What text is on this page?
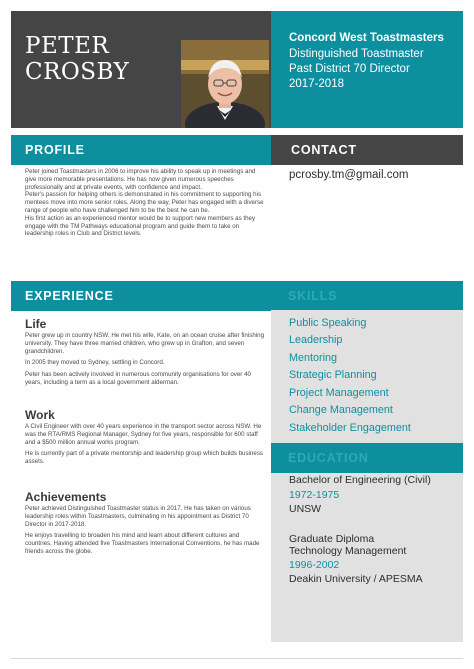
PETER
CROSBY
Concord West Toastmasters
Distinguished Toastmaster
Past District 70 Director
2017-2018
PROFILE	CONTACT
Peter joined Toastmasters in 2006 to improve his ability to speak up in meetings and give more memorable presentations. He has now given numerous speeches professionally and at private events, with confidence and impact.
Peter's passion for helping others is demonstrated in his commitment to supporting his mentees move into more senior roles. Along the way, Peter has engaged with a diverse range of people who have challenged him to be the best he can be.
His first action as an experienced mentor would be to support new members as they engage with the TM Pathways educational program and guide them to take on leadership roles in Club and District levels.
pcrosby.tm@gmail.com
EXPERIENCE	SKILLS
Life
Peter grew up in country NSW. He met his wife, Kate, on an ocean cruise after finishing university. They have three married children, who grew up in Grafton, and seven grandchildren.
In 2005 they moved to Sydney, settling in Concord.
Peter has been actively involved in numerous community organisations for over 40 years, including a term as a local government alderman.
Work
A Civil Engineer with over 40 years experience in the transport sector across NSW. He was the RTA/RMS Regional Manager, Sydney for five years, responsible for 600 staff and a $500 million annual works program.
He is currently part of a private mentorship and leadership group which builds business assets.
Achievements
Peter achieved Distinguished Toastmaster status in 2017. He has taken on various leadership roles within Toastmasters, culminating in his appointment as District 70 Director in 2017-2018.
He enjoys travelling to broaden his mind and learn about different cultures and countries. Having attended five Toastmasters International Conventions, he has made friends across the globe.
Public Speaking
Leadership
Mentoring
Strategic Planning
Project Management
Change Management
Stakeholder Engagement
EDUCATION
Bachelor of Engineering (Civil)
1972-1975
UNSW
Graduate Diploma
Technology Management
1996-2002
Deakin University / APESMA
